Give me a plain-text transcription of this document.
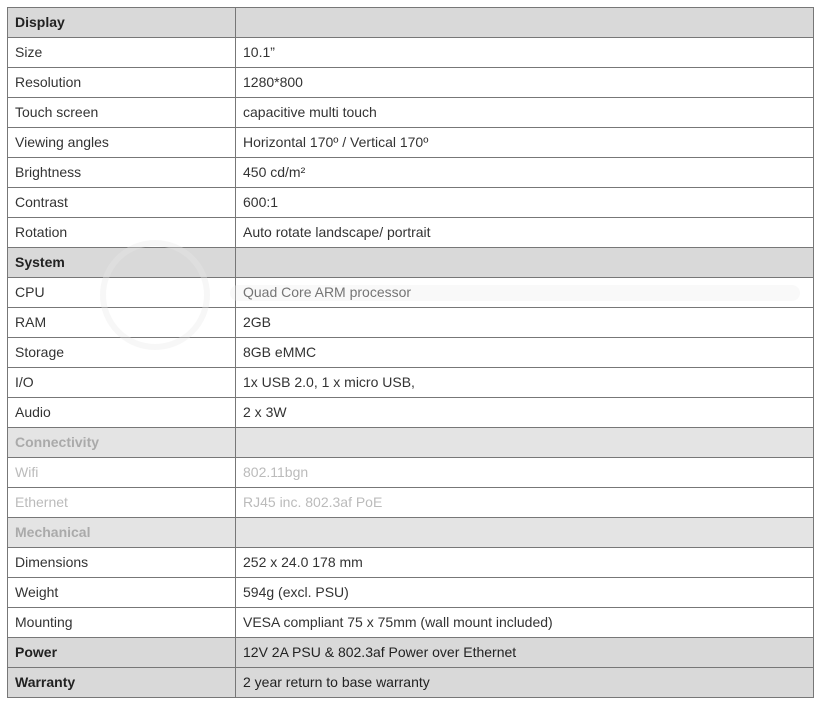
Display	
Size	10.1”
Resolution	1280*800
Touch screen	capacitive multi touch
Viewing angles	Horizontal 170º / Vertical 170º
Brightness	450 cd/m²
Contrast	600:1
Rotation	Auto rotate landscape/ portrait
System	
CPU	Quad Core ARM processor
RAM	2GB
Storage	8GB eMMC
I/O	1x USB 2.0, 1 x micro USB,
Audio	2 x 3W
Connectivity	
Wifi	802.11bgn
Ethernet	RJ45 inc. 802.3af PoE
Mechanical	
Dimensions	252 x 24.0 178 mm
Weight	594g (excl. PSU)
Mounting	VESA compliant 75 x 75mm (wall mount included)
Power	12V 2A PSU & 802.3af Power over Ethernet
Warranty	2 year return to base warranty
